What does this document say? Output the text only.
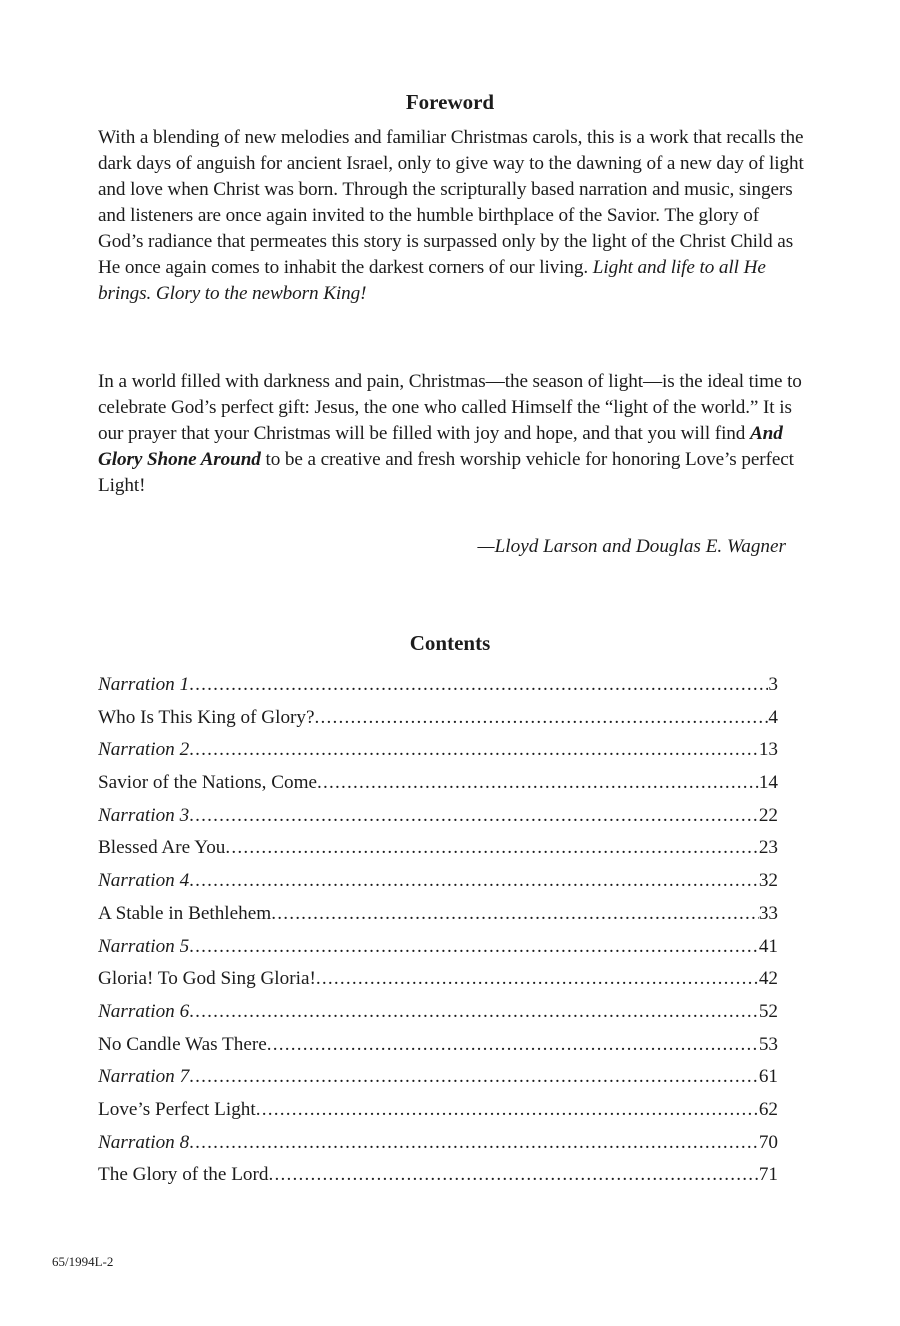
Foreword

With a blending of new melodies and familiar Christmas carols, this is a work that recalls the dark days of anguish for ancient Israel, only to give way to the dawning of a new day of light and love when Christ was born. Through the scripturally based narration and music, singers and listeners are once again invited to the humble birthplace of the Savior. The glory of God’s radiance that permeates this story is surpassed only by the light of the Christ Child as He once again comes to inhabit the darkest corners of our living. Light and life to all He brings. Glory to the newborn King!

In a world filled with darkness and pain, Christmas—the season of light—is the ideal time to celebrate God’s perfect gift: Jesus, the one who called Himself the “light of the world.” It is our prayer that your Christmas will be filled with joy and hope, and that you will find And Glory Shone Around to be a creative and fresh worship vehicle for honoring Love’s perfect Light!

—Lloyd Larson and Douglas E. Wagner

Contents
Narration 1 .....	3
Who Is This King of Glory? .....	4
Narration 2 .....	13
Savior of the Nations, Come .....	14
Narration 3 .....	22
Blessed Are You .....	23
Narration 4 .....	32
A Stable in Bethlehem .....	33
Narration 5 .....	41
Gloria! To God Sing Gloria! .....	42
Narration 6 .....	52
No Candle Was There .....	53
Narration 7 .....	61
Love’s Perfect Light .....	62
Narration 8 .....	70
The Glory of the Lord .....	71

65/1994L-2
